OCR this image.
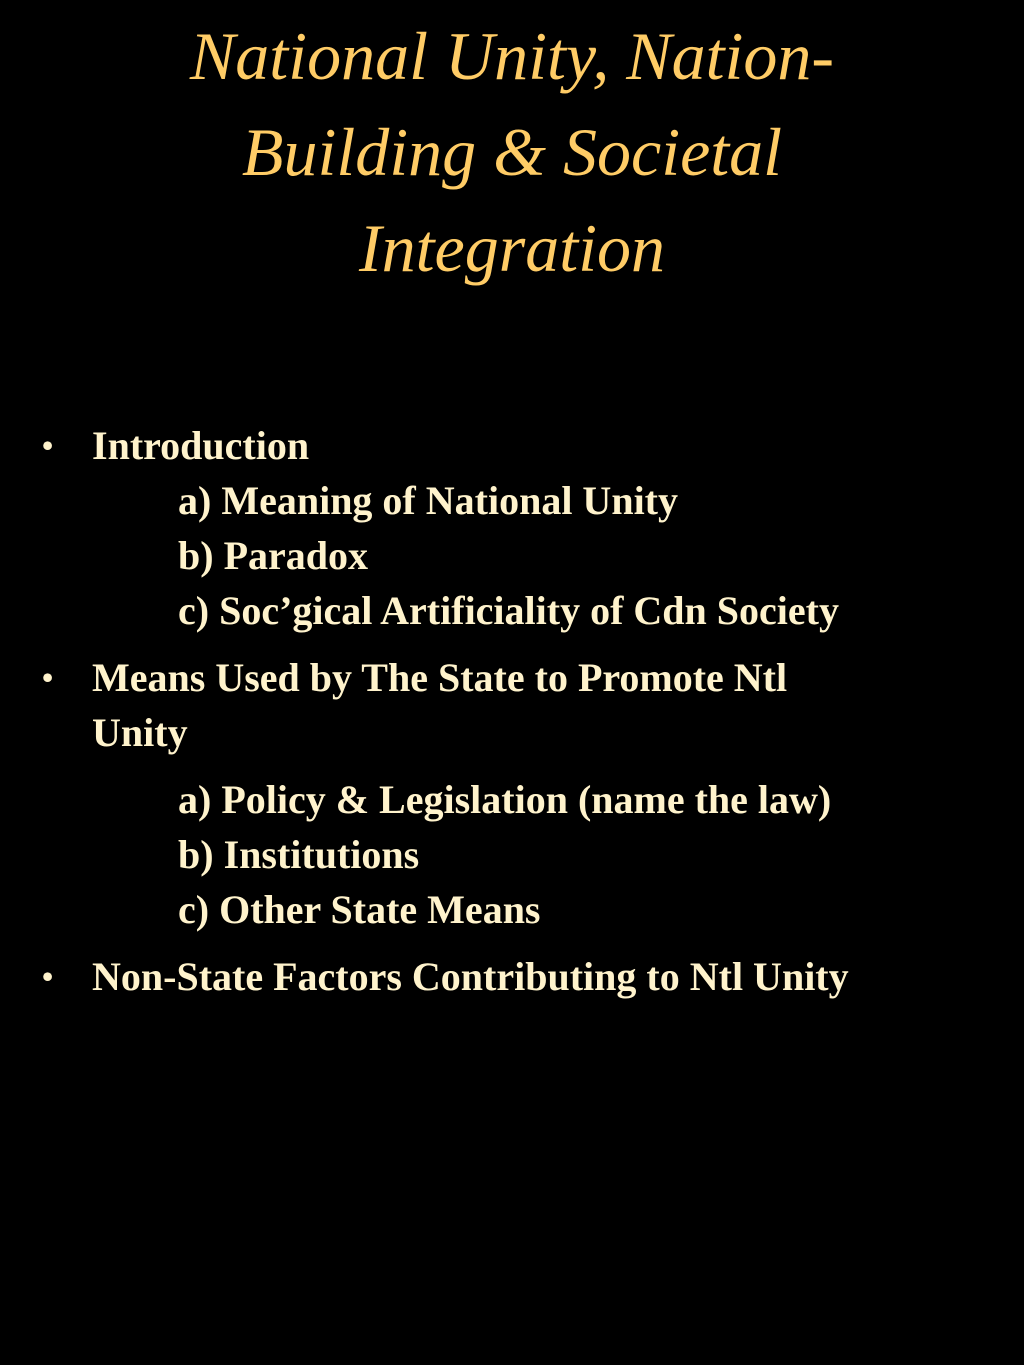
National Unity, Nation-
Building & Societal
Integration
• Introduction
a) Meaning of National Unity
b) Paradox
c) Soc’gical Artificiality of Cdn Society
• Means Used by The State to Promote Ntl
Unity
a) Policy & Legislation (name the law)
b) Institutions
c) Other State Means
• Non-State Factors Contributing to Ntl Unity
